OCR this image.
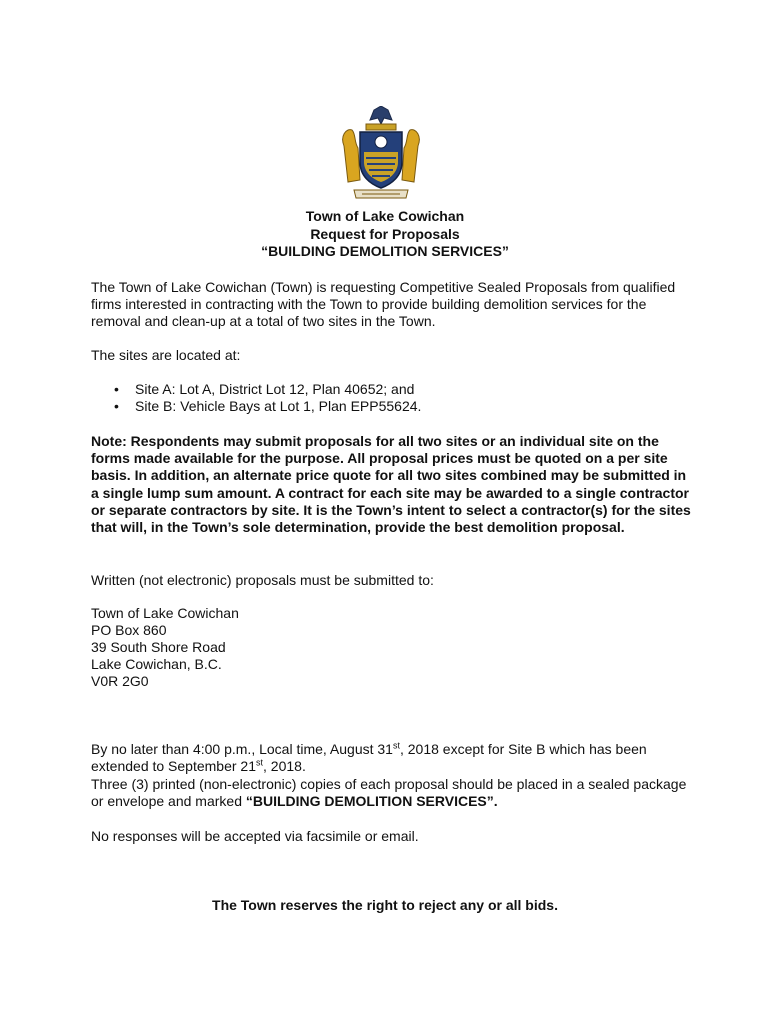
Town of Lake Cowichan
Request for Proposals
“BUILDING DEMOLITION SERVICES”
The Town of Lake Cowichan (Town) is requesting Competitive Sealed Proposals from qualified firms interested in contracting with the Town to provide building demolition services for the removal and clean-up at a total of two sites in the Town.
The sites are located at:
• Site A: Lot A, District Lot 12, Plan 40652; and
• Site B: Vehicle Bays at Lot 1, Plan EPP55624.
Note: Respondents may submit proposals for all two sites or an individual site on the forms made available for the purpose. All proposal prices must be quoted on a per site basis. In addition, an alternate price quote for all two sites combined may be submitted in a single lump sum amount. A contract for each site may be awarded to a single contractor or separate contractors by site. It is the Town’s intent to select a contractor(s) for the sites that will, in the Town’s sole determination, provide the best demolition proposal.
Written (not electronic) proposals must be submitted to:
Town of Lake Cowichan
PO Box 860
39 South Shore Road
Lake Cowichan, B.C.
V0R 2G0
By no later than 4:00 p.m., Local time, August 31st, 2018 except for Site B which has been extended to September 21st, 2018.
Three (3) printed (non-electronic) copies of each proposal should be placed in a sealed package or envelope and marked “BUILDING DEMOLITION SERVICES”.
No responses will be accepted via facsimile or email.
The Town reserves the right to reject any or all bids.
